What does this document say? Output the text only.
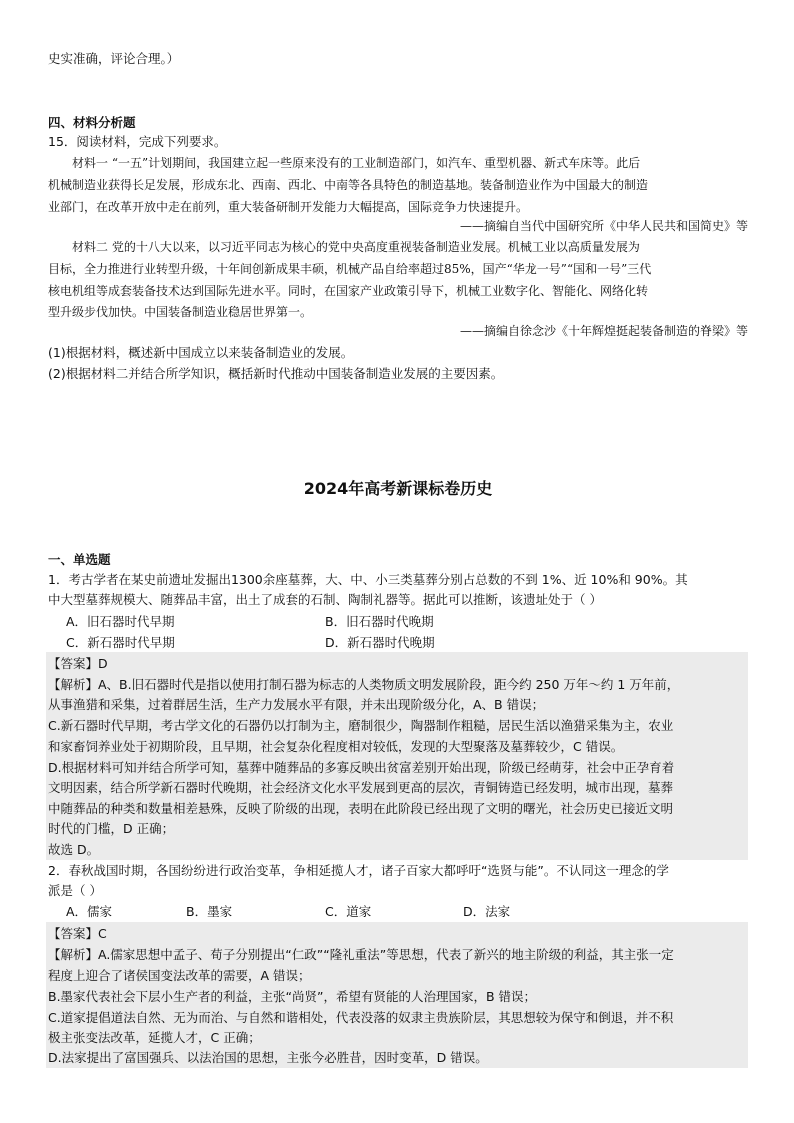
史实准确，评论合理。）
四、材料分析题
15．阅读材料，完成下列要求。
材料一 “一五”计划期间，我国建立起一些原来没有的工业制造部门，如汽车、重型机器、新式车床等。此后
机械制造业获得长足发展，形成东北、西南、西北、中南等各具特色的制造基地。装备制造业作为中国最大的制造
业部门，在改革开放中走在前列，重大装备研制开发能力大幅提高，国际竞争力快速提升。
——摘编自当代中国研究所《中华人民共和国简史》等
材料二 党的十八大以来，以习近平同志为核心的党中央高度重视装备制造业发展。机械工业以高质量发展为
目标，全力推进行业转型升级，十年间创新成果丰硕，机械产品自给率超过85%，国产“华龙一号”“国和一号”三代
核电机组等成套装备技术达到国际先进水平。同时，在国家产业政策引导下，机械工业数字化、智能化、网络化转
型升级步伐加快。中国装备制造业稳居世界第一。
——摘编自徐念沙《十年辉煌挺起装备制造的脊梁》等
(1)根据材料，概述新中国成立以来装备制造业的发展。
(2)根据材料二并结合所学知识，概括新时代推动中国装备制造业发展的主要因素。
2024年高考新课标卷历史
一、单选题
1．考古学者在某史前遗址发掘出1300余座墓葬，大、中、小三类墓葬分别占总数的不到 1%、近 10%和 90%。其
中大型墓葬规模大、随葬品丰富，出土了成套的石制、陶制礼器等。据此可以推断，该遗址处于（ ）
A．旧石器时代早期	B．旧石器时代晚期
C．新石器时代早期	D．新石器时代晚期
【答案】D
【解析】A、B.旧石器时代是指以使用打制石器为标志的人类物质文明发展阶段，距今约 250 万年～约 1 万年前，
从事渔猎和采集，过着群居生活，生产力发展水平有限，并未出现阶级分化，A、B 错误；
C.新石器时代早期，考古学文化的石器仍以打制为主，磨制很少，陶器制作粗糙，居民生活以渔猎采集为主，农业
和家畜饲养业处于初期阶段，且早期，社会复杂化程度相对较低，发现的大型聚落及墓葬较少，C 错误。
D.根据材料可知并结合所学可知，墓葬中随葬品的多寡反映出贫富差别开始出现，阶级已经萌芽，社会中正孕育着
文明因素，结合所学新石器时代晚期，社会经济文化水平发展到更高的层次，青铜铸造已经发明，城市出现，墓葬
中随葬品的种类和数量相差悬殊，反映了阶级的出现，表明在此阶段已经出现了文明的曙光，社会历史已接近文明
时代的门槛，D 正确；
故选 D。
2．春秋战国时期，各国纷纷进行政治变革，争相延揽人才，诸子百家大都呼吁“选贤与能”。不认同这一理念的学
派是（ ）
A．儒家	B．墨家	C．道家	D．法家
【答案】C
【解析】A.儒家思想中孟子、荀子分别提出“仁政”“隆礼重法”等思想，代表了新兴的地主阶级的利益，其主张一定
程度上迎合了诸侯国变法改革的需要，A 错误；
B.墨家代表社会下层小生产者的利益，主张“尚贤”，希望有贤能的人治理国家，B 错误；
C.道家提倡道法自然、无为而治、与自然和谐相处，代表没落的奴隶主贵族阶层，其思想较为保守和倒退，并不积
极主张变法改革，延揽人才，C 正确；
D.法家提出了富国强兵、以法治国的思想，主张今必胜昔，因时变革，D 错误。
